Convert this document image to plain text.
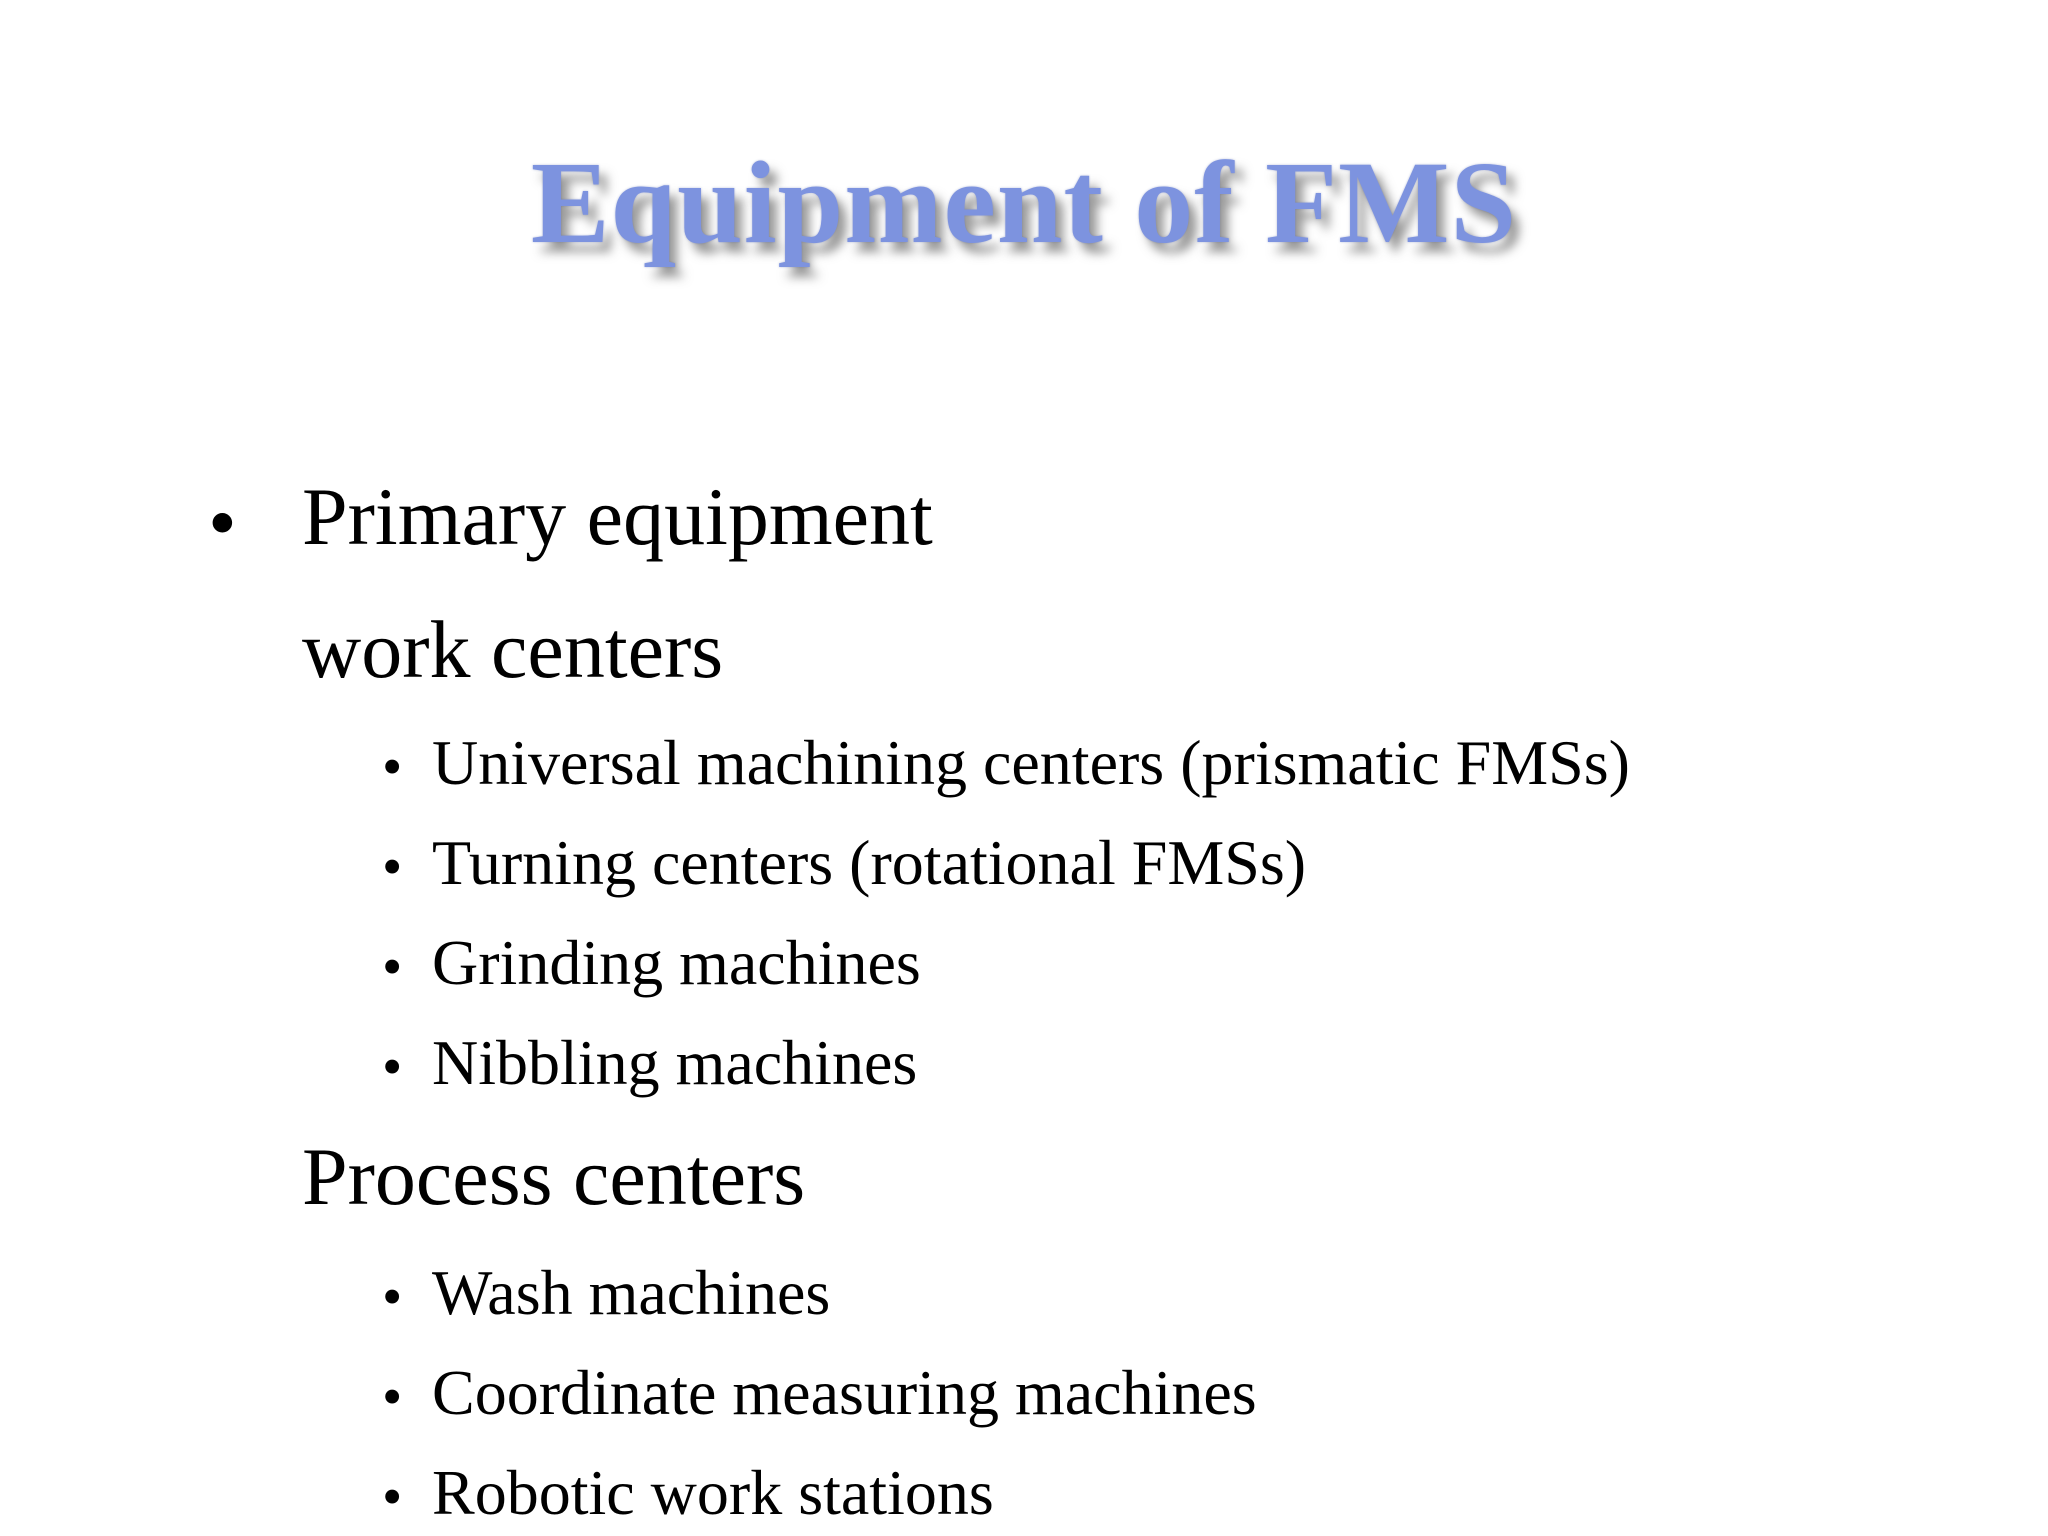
Equipment of FMS
• Primary equipment
work centers
• Universal machining centers (prismatic FMSs)
• Turning centers (rotational FMSs)
• Grinding machines
• Nibbling machines
Process centers
• Wash machines
• Coordinate measuring machines
• Robotic work stations
